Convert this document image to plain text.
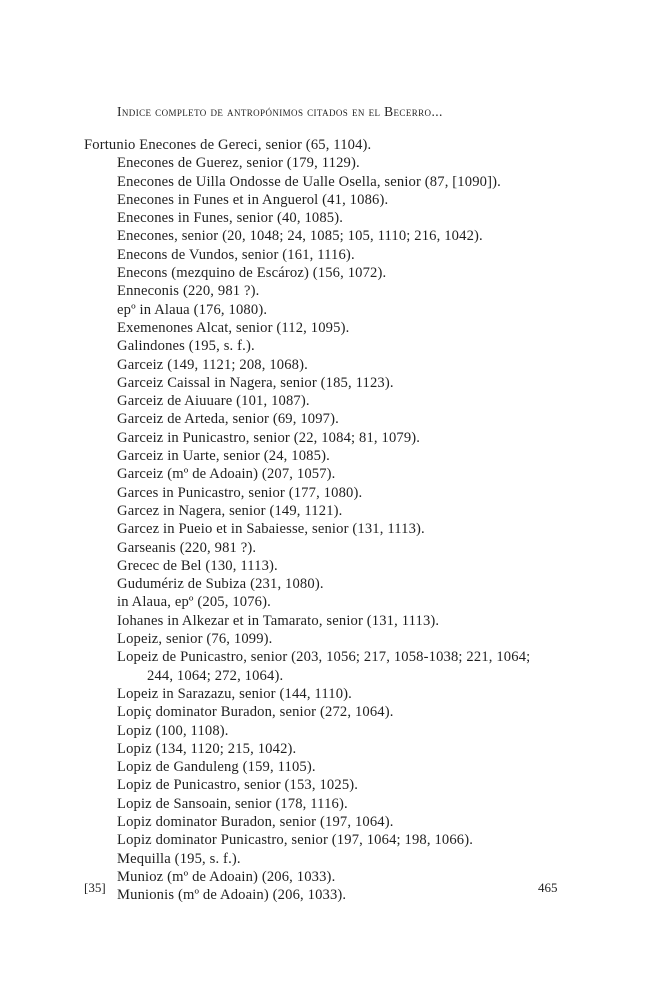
Indice completo de antropónimos citados en el Becerro...
Fortunio Enecones de Gereci, senior (65, 1104).
Enecones de Guerez, senior (179, 1129).
Enecones de Uilla Ondosse de Ualle Osella, senior (87, [1090]).
Enecones in Funes et in Anguerol (41, 1086).
Enecones in Funes, senior (40, 1085).
Enecones, senior (20, 1048; 24, 1085; 105, 1110; 216, 1042).
Enecons de Vundos, senior (161, 1116).
Enecons (mezquino de Escároz) (156, 1072).
Enneconis (220, 981 ?).
epº in Alaua (176, 1080).
Exemenones Alcat, senior (112, 1095).
Galindones (195, s. f.).
Garceiz (149, 1121; 208, 1068).
Garceiz Caissal in Nagera, senior (185, 1123).
Garceiz de Aiuuare (101, 1087).
Garceiz de Arteda, senior (69, 1097).
Garceiz in Punicastro, senior (22, 1084; 81, 1079).
Garceiz in Uarte, senior (24, 1085).
Garceiz (mº de Adoain) (207, 1057).
Garces in Punicastro, senior (177, 1080).
Garcez in Nagera, senior (149, 1121).
Garcez in Pueio et in Sabaiesse, senior (131, 1113).
Garseanis (220, 981 ?).
Grecec de Bel (130, 1113).
Gudumériz de Subiza (231, 1080).
in Alaua, epº (205, 1076).
Iohanes in Alkezar et in Tamarato, senior (131, 1113).
Lopeiz, senior (76, 1099).
Lopeiz de Punicastro, senior (203, 1056; 217, 1058-1038; 221, 1064;
244, 1064; 272, 1064).
Lopeiz in Sarazazu, senior (144, 1110).
Lopiç dominator Buradon, senior (272, 1064).
Lopiz (100, 1108).
Lopiz (134, 1120; 215, 1042).
Lopiz de Ganduleng (159, 1105).
Lopiz de Punicastro, senior (153, 1025).
Lopiz de Sansoain, senior (178, 1116).
Lopiz dominator Buradon, senior (197, 1064).
Lopiz dominator Punicastro, senior (197, 1064; 198, 1066).
Mequilla (195, s. f.).
Munioz (mº de Adoain) (206, 1033).
Munionis (mº de Adoain) (206, 1033).
[35]	465
